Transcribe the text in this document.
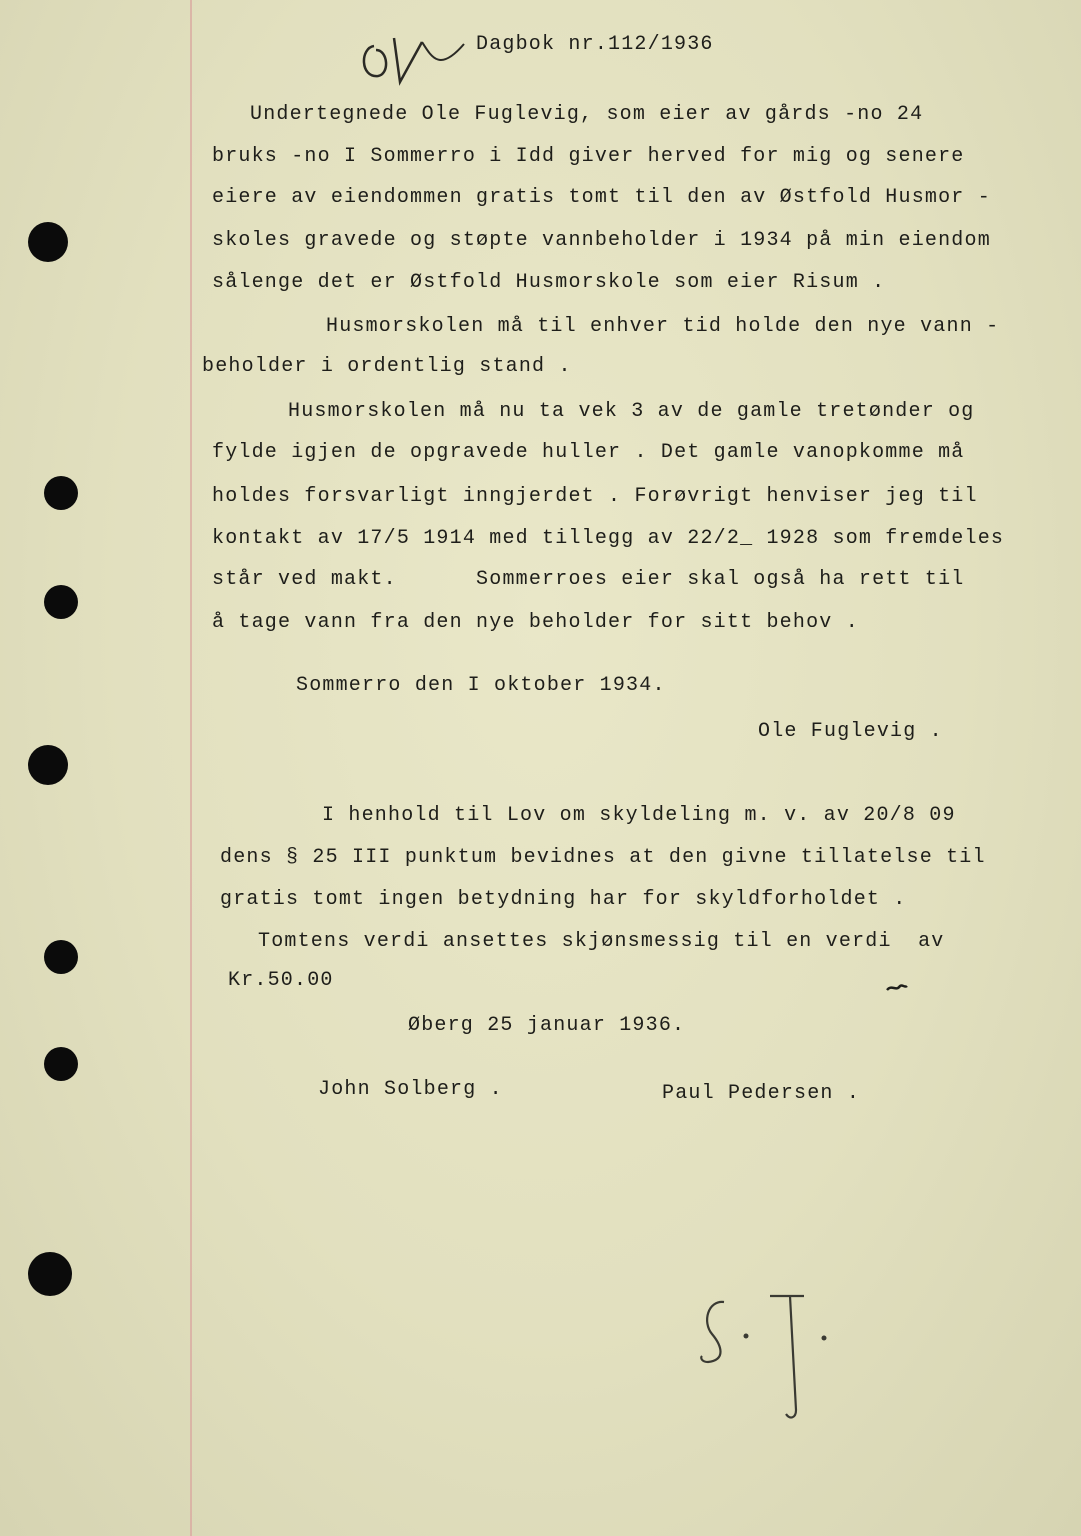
Dagbok nr.112/1936
Undertegnede Ole Fuglevig, som eier av gårds -no 24
bruks -no I Sommerro i Idd giver herved for mig og senere
eiere av eiendommen gratis tomt til den av Østfold Husmor -
skoles gravede og støpte vannbeholder i 1934 på min eiendom
sålenge det er Østfold Husmorskole som eier Risum .
Husmorskolen må til enhver tid holde den nye vann -
beholder i ordentlig stand .
Husmorskolen må nu ta vek 3 av de gamle tretønder og
fylde igjen de opgravede huller . Det gamle vanopkomme må
holdes forsvarligt inngjerdet . Forøvrigt henviser jeg til
kontakt av 17/5 1914 med tillegg av 22/2_ 1928 som fremdeles
står ved makt.      Sommerroes eier skal også ha rett til
å tage vann fra den nye beholder for sitt behov .
Sommerro den I oktober 1934.
Ole Fuglevig .
I henhold til Lov om skyldeling m. v. av 20/8 09
dens § 25 III punktum bevidnes at den givne tillatelse til
gratis tomt ingen betydning har for skyldforholdet .
Tomtens verdi ansettes skjønsmessig til en verdi  av
Kr.50.00
Øberg 25 januar 1936.
John Solberg .	Paul Pedersen .
